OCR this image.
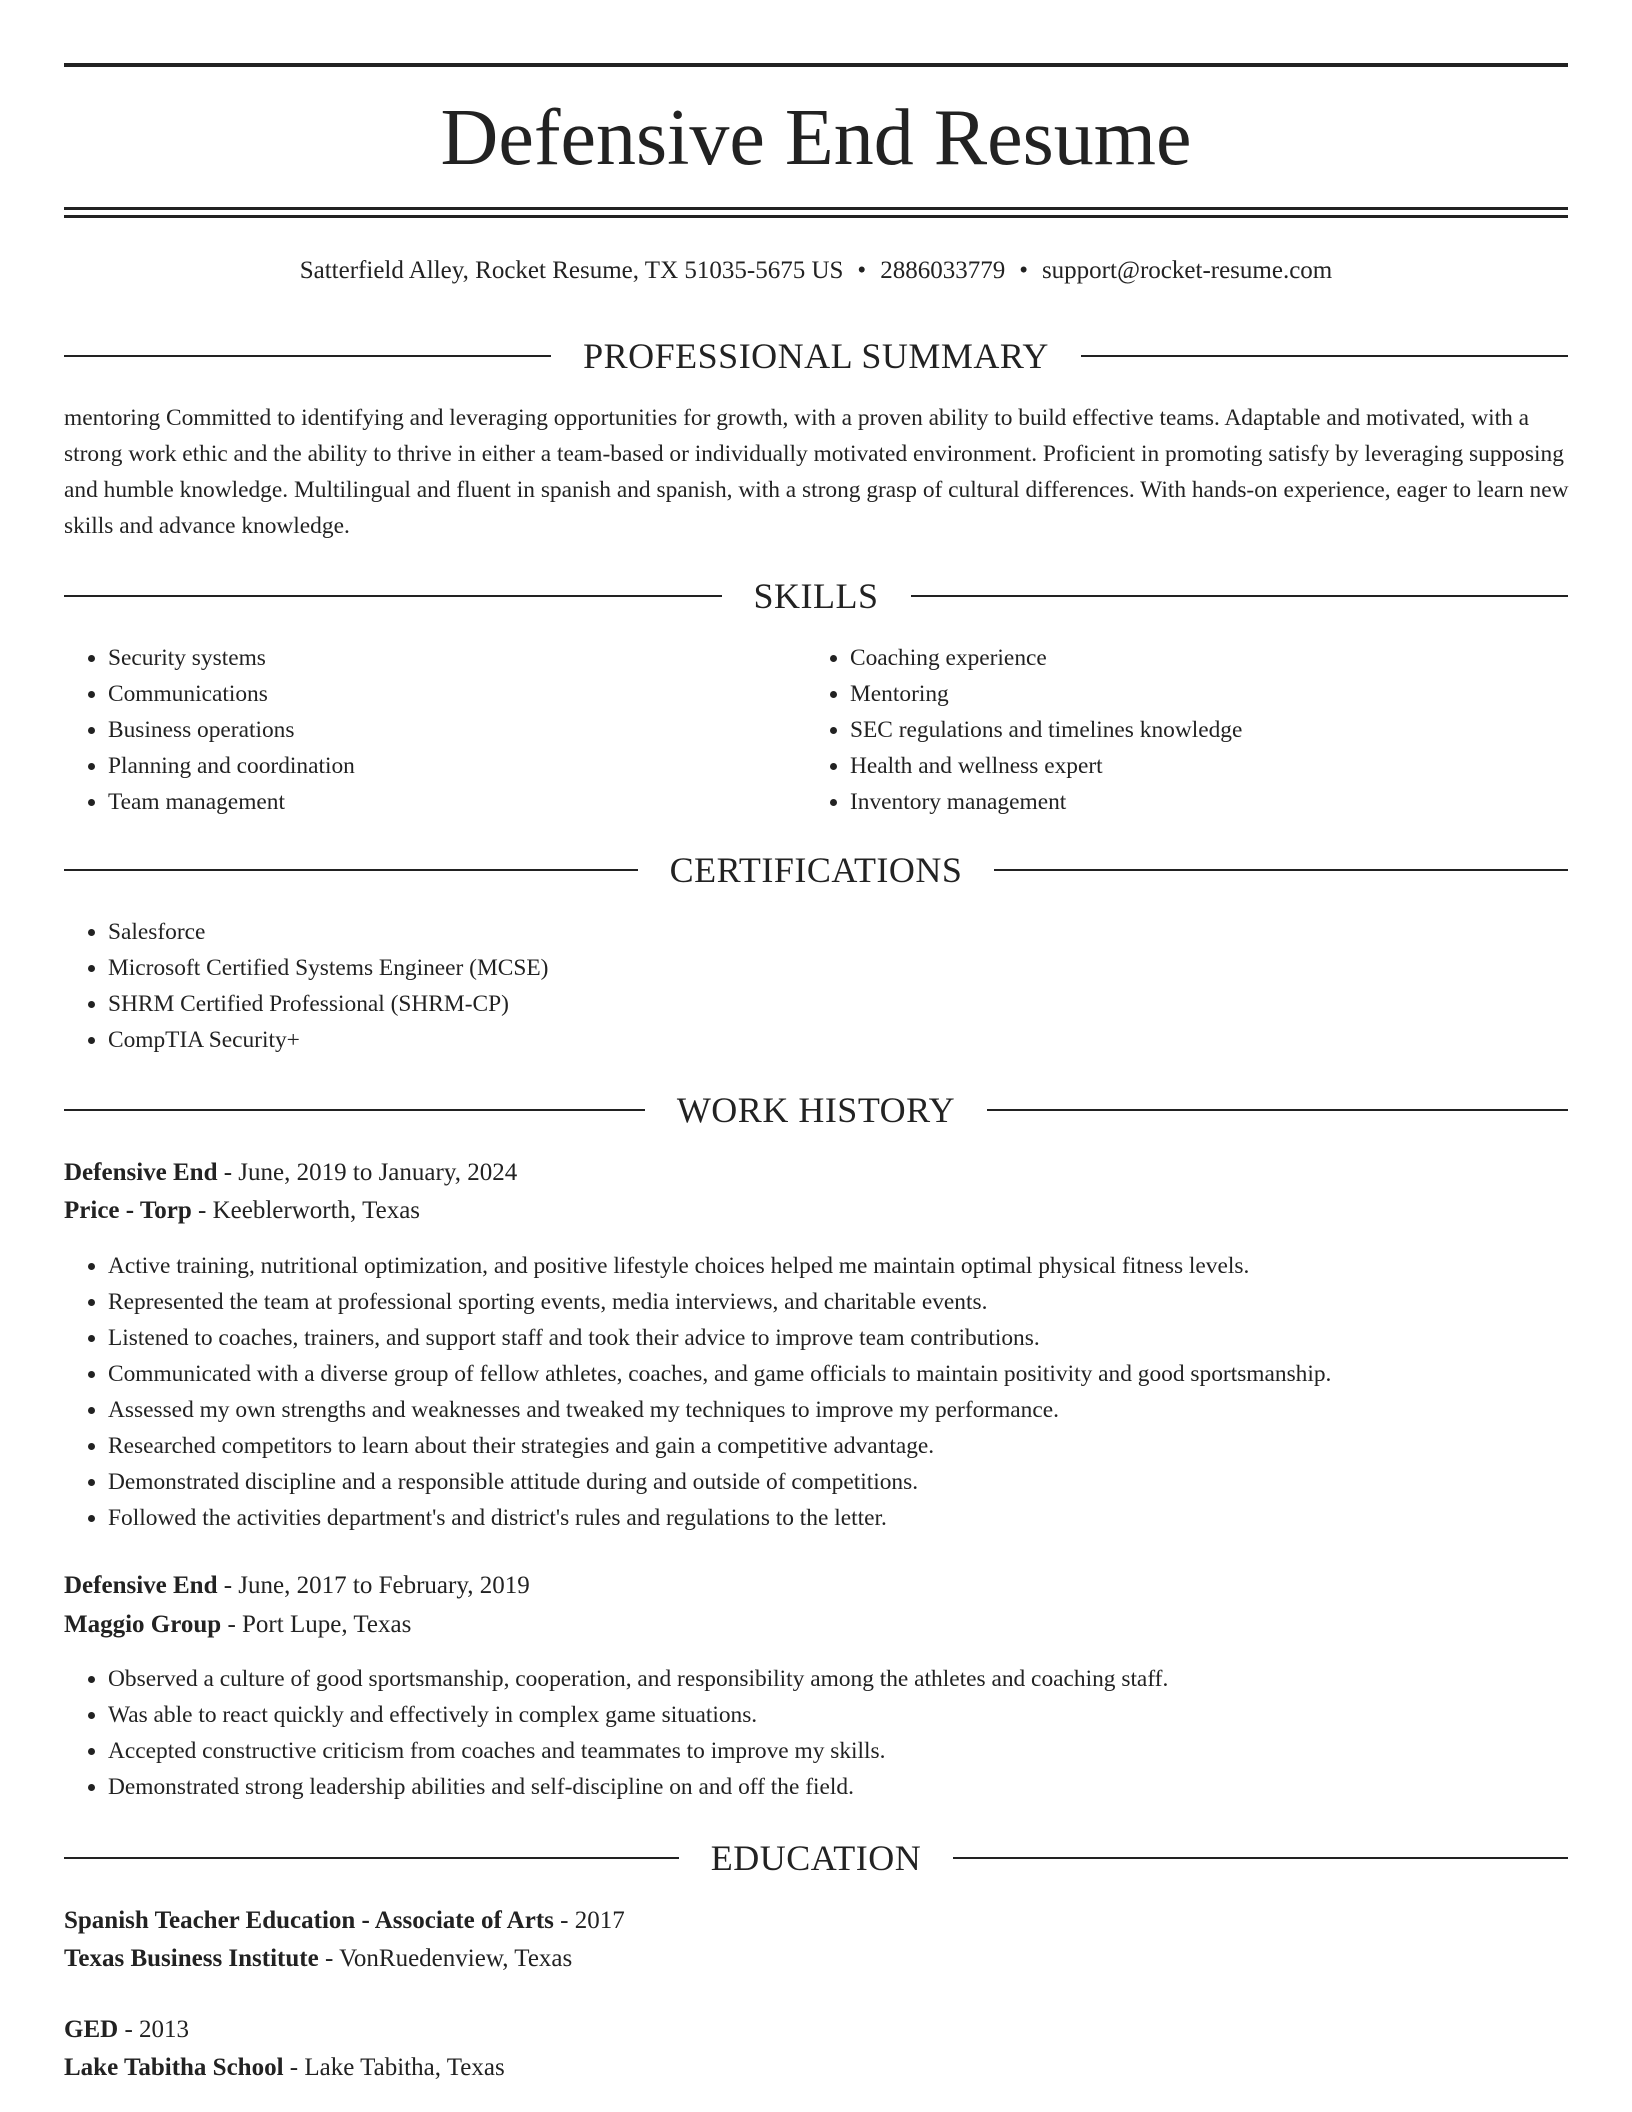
Defensive End Resume
Satterfield Alley, Rocket Resume, TX 51035-5675 US • 2886033779 • support@rocket-resume.com
PROFESSIONAL SUMMARY

mentoring Committed to identifying and leveraging opportunities for growth, with a proven ability to build effective teams. Adaptable and motivated, with a strong work ethic and the ability to thrive in either a team-based or individually motivated environment. Proficient in promoting satisfy by leveraging supposing and humble knowledge. Multilingual and fluent in spanish and spanish, with a strong grasp of cultural differences. With hands-on experience, eager to learn new skills and advance knowledge.

SKILLS
• Security systems
• Communications
• Business operations
• Planning and coordination
• Team management
• Coaching experience
• Mentoring
• SEC regulations and timelines knowledge
• Health and wellness expert
• Inventory management
CERTIFICATIONS
• Salesforce
• Microsoft Certified Systems Engineer (MCSE)
• SHRM Certified Professional (SHRM-CP)
• CompTIA Security+
WORK HISTORY
Defensive End - June, 2019 to January, 2024
Price - Torp - Keeblerworth, Texas
• Active training, nutritional optimization, and positive lifestyle choices helped me maintain optimal physical fitness levels.
• Represented the team at professional sporting events, media interviews, and charitable events.
• Listened to coaches, trainers, and support staff and took their advice to improve team contributions.
• Communicated with a diverse group of fellow athletes, coaches, and game officials to maintain positivity and good sportsmanship.
• Assessed my own strengths and weaknesses and tweaked my techniques to improve my performance.
• Researched competitors to learn about their strategies and gain a competitive advantage.
• Demonstrated discipline and a responsible attitude during and outside of competitions.
• Followed the activities department's and district's rules and regulations to the letter.
Defensive End - June, 2017 to February, 2019
Maggio Group - Port Lupe, Texas
• Observed a culture of good sportsmanship, cooperation, and responsibility among the athletes and coaching staff.
• Was able to react quickly and effectively in complex game situations.
• Accepted constructive criticism from coaches and teammates to improve my skills.
• Demonstrated strong leadership abilities and self-discipline on and off the field.
EDUCATION
Spanish Teacher Education - Associate of Arts - 2017
Texas Business Institute - VonRuedenview, Texas
GED - 2013
Lake Tabitha School - Lake Tabitha, Texas
